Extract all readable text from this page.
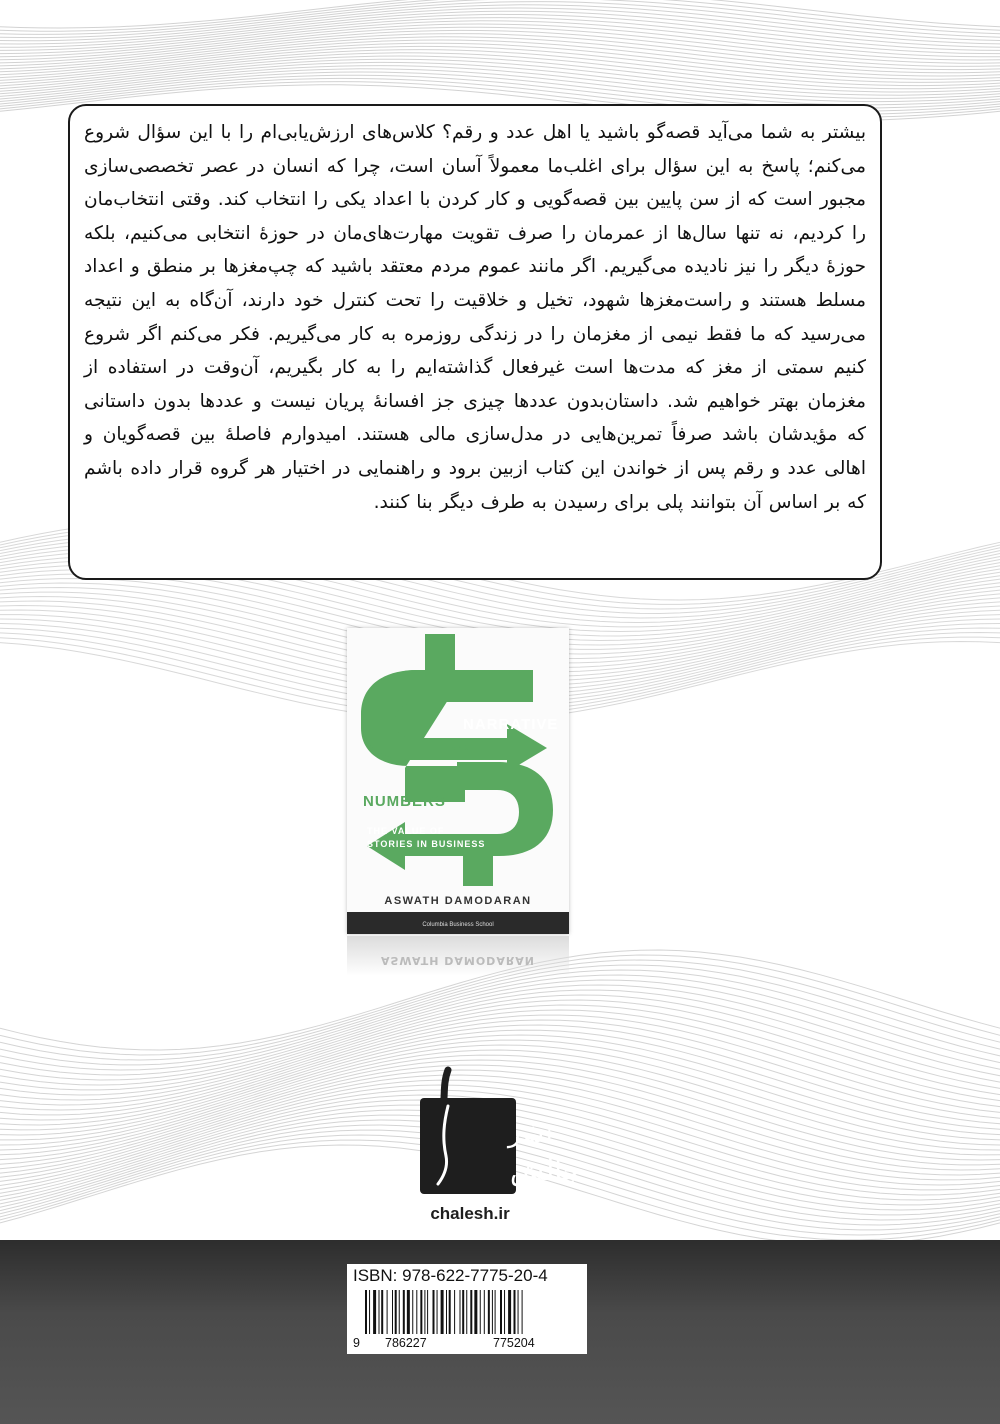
بیشتر به شما می‌آید قصه‌گو باشید یا اهل عدد و رقم؟ کلاس‌های ارزش‌یابی‌ام را با این سؤال شروع می‌کنم؛ پاسخ به این سؤال برای اغلب‌ما معمولاً آسان است، چرا که انسان در عصر تخصصی‌سازی مجبور است که از سن پایین بین قصه‌گویی و کار کردن با اعداد یکی را انتخاب کند. وقتی انتخاب‌مان را کردیم، نه تنها سال‌ها از عمرمان را صرف تقویت مهارت‌های‌مان در حوزهٔ انتخابی می‌کنیم، بلکه حوزهٔ دیگر را نیز نادیده می‌گیریم. اگر مانند عموم مردم معتقد باشید که چپ‌مغزها بر منطق و اعداد مسلط هستند و راست‌مغزها شهود، تخیل و خلاقیت را تحت کنترل خود دارند، آن‌گاه به این نتیجه می‌رسید که ما فقط نیمی از مغزمان را در زندگی روزمره به کار می‌گیریم. فکر می‌کنم اگر شروع کنیم سمتی از مغز که مدت‌ها است غیرفعال گذاشته‌ایم را به کار بگیریم، آن‌وقت در استفاده از مغزمان بهتر خواهیم شد. داستان‌بدون عددها چیزی جز افسانهٔ پریان نیست و عددها بدون داستانی که مؤیدشان باشد صرفاً تمرین‌هایی در مدل‌سازی مالی هستند. امیدوارم فاصلهٔ بین قصه‌گویان و اهالی عدد و رقم پس از خواندن این کتاب ازبین برود و راهنمایی در اختیار هر گروه قرار داده باشم که بر اساس آن بتوانند پلی برای رسیدن به طرف دیگر بنا کنند.

NARRATIVE
AND
NUMBERS
THE VALUE OF
STORIES IN BUSINESS
ASWATH DAMODARAN
Columbia Business School
ASWATH DAMODARAN
نشر
چالش
chalesh.ir
ISBN: 978-622-7775-20-4
9 786227	775204
